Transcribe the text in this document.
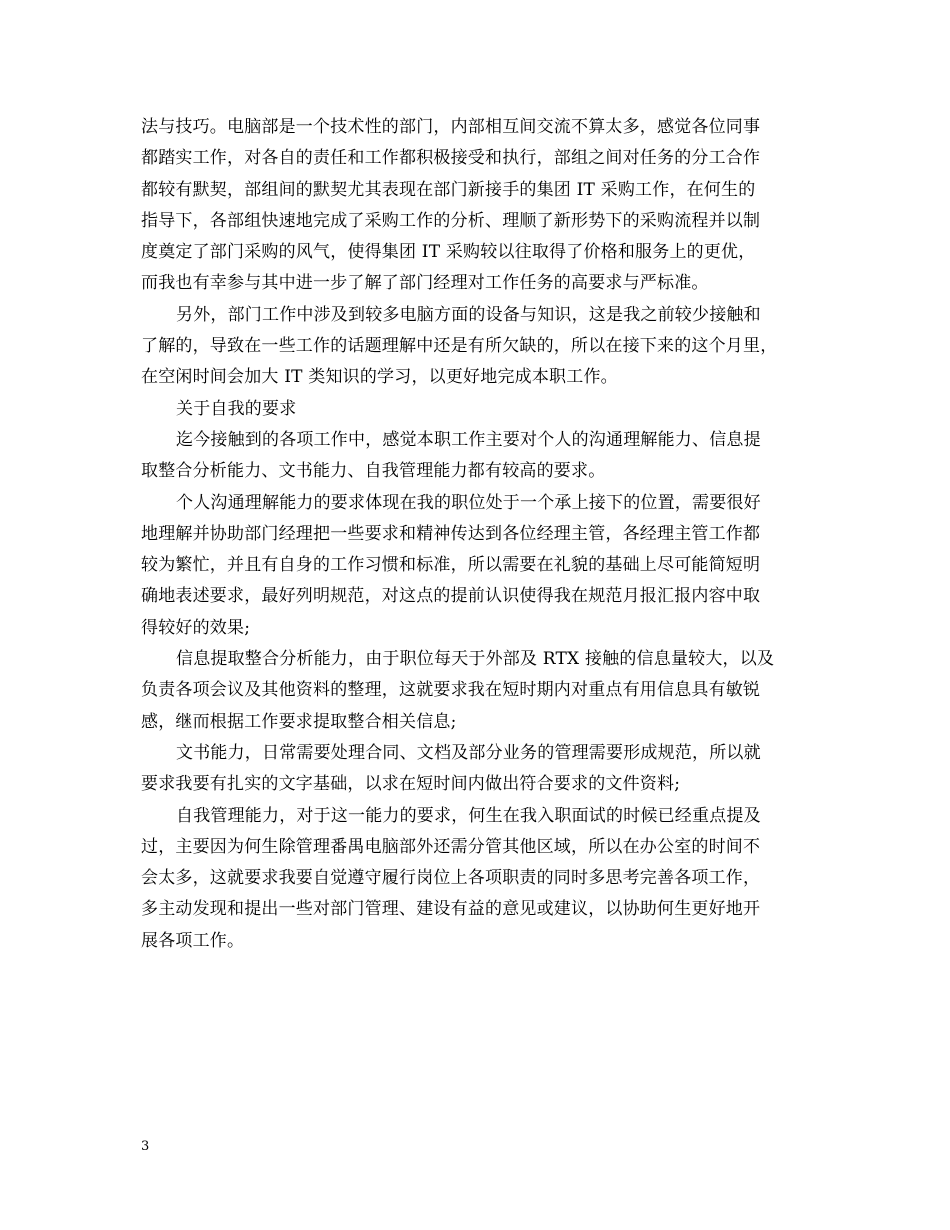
法与技巧。电脑部是一个技术性的部门，内部相互间交流不算太多，感觉各位同事
都踏实工作，对各自的责任和工作都积极接受和执行，部组之间对任务的分工合作
都较有默契，部组间的默契尤其表现在部门新接手的集团 IT 采购工作，在何生的
指导下，各部组快速地完成了采购工作的分析、理顺了新形势下的采购流程并以制
度奠定了部门采购的风气，使得集团 IT 采购较以往取得了价格和服务上的更优，
而我也有幸参与其中进一步了解了部门经理对工作任务的高要求与严标准。
另外，部门工作中涉及到较多电脑方面的设备与知识，这是我之前较少接触和
了解的，导致在一些工作的话题理解中还是有所欠缺的，所以在接下来的这个月里，
在空闲时间会加大 IT 类知识的学习，以更好地完成本职工作。
关于自我的要求
迄今接触到的各项工作中，感觉本职工作主要对个人的沟通理解能力、信息提
取整合分析能力、文书能力、自我管理能力都有较高的要求。
个人沟通理解能力的要求体现在我的职位处于一个承上接下的位置，需要很好
地理解并协助部门经理把一些要求和精神传达到各位经理主管，各经理主管工作都
较为繁忙，并且有自身的工作习惯和标准，所以需要在礼貌的基础上尽可能简短明
确地表述要求，最好列明规范，对这点的提前认识使得我在规范月报汇报内容中取
得较好的效果;
信息提取整合分析能力，由于职位每天于外部及 RTX 接触的信息量较大，以及
负责各项会议及其他资料的整理，这就要求我在短时期内对重点有用信息具有敏锐
感，继而根据工作要求提取整合相关信息;
文书能力，日常需要处理合同、文档及部分业务的管理需要形成规范，所以就
要求我要有扎实的文字基础，以求在短时间内做出符合要求的文件资料;
自我管理能力，对于这一能力的要求，何生在我入职面试的时候已经重点提及
过，主要因为何生除管理番禺电脑部外还需分管其他区域，所以在办公室的时间不
会太多，这就要求我要自觉遵守履行岗位上各项职责的同时多思考完善各项工作，
多主动发现和提出一些对部门管理、建设有益的意见或建议，以协助何生更好地开
展各项工作。
3
